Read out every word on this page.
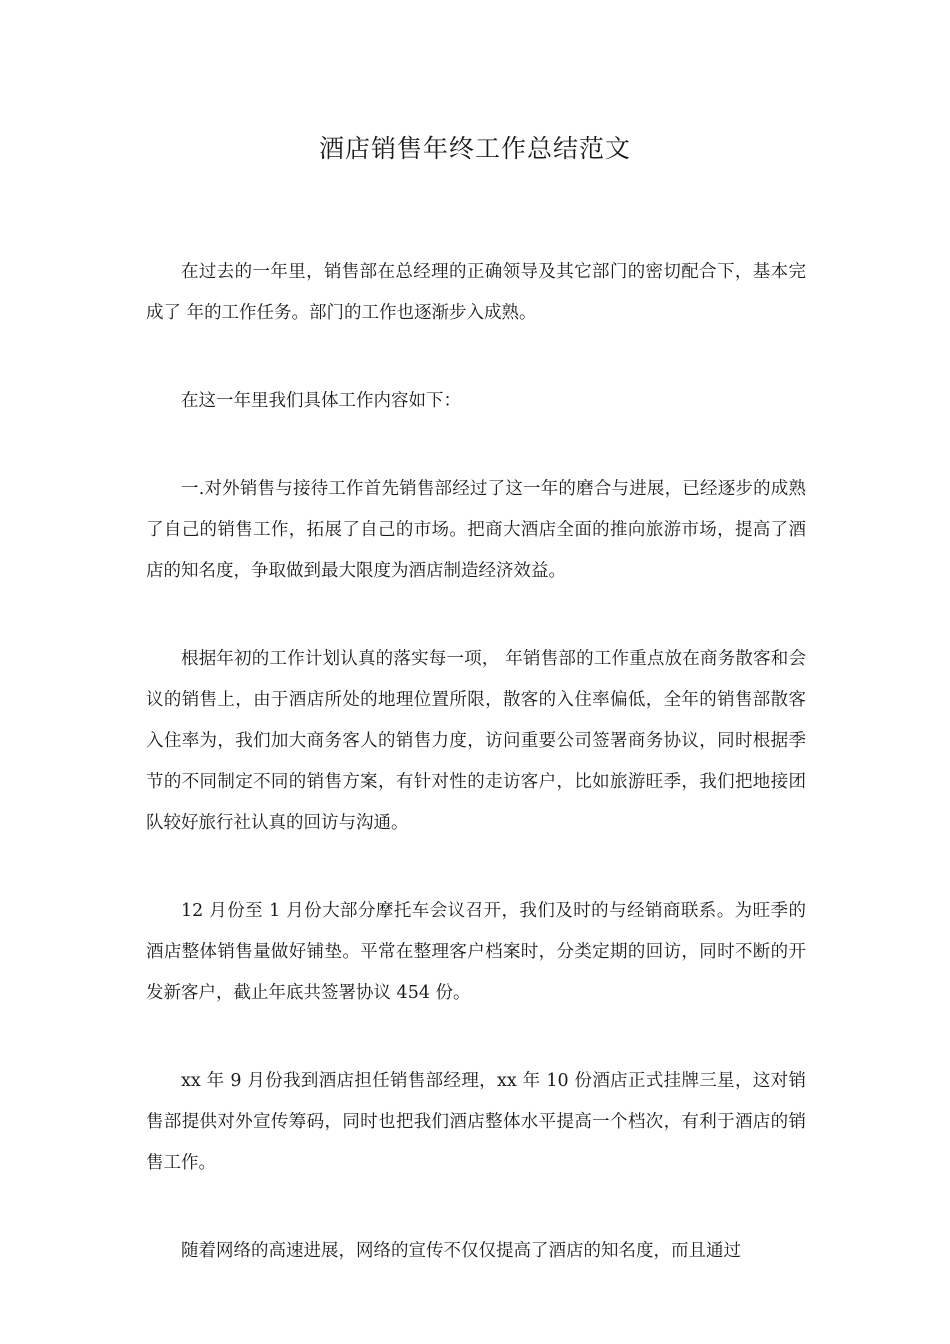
酒店销售年终工作总结范文

在过去的一年里，销售部在总经理的正确领导及其它部门的密切配合下，基本完成了 年的工作任务。部门的工作也逐渐步入成熟。

在这一年里我们具体工作内容如下：

一.对外销售与接待工作首先销售部经过了这一年的磨合与进展，已经逐步的成熟了自己的销售工作，拓展了自己的市场。把商大酒店全面的推向旅游市场，提高了酒店的知名度，争取做到最大限度为酒店制造经济效益。

根据年初的工作计划认真的落实每一项， 年销售部的工作重点放在商务散客和会议的销售上，由于酒店所处的地理位置所限，散客的入住率偏低，全年的销售部散客入住率为，我们加大商务客人的销售力度，访问重要公司签署商务协议，同时根据季节的不同制定不同的销售方案，有针对性的走访客户，比如旅游旺季，我们把地接团队较好旅行社认真的回访与沟通。

12 月份至 1 月份大部分摩托车会议召开，我们及时的与经销商联系。为旺季的酒店整体销售量做好铺垫。平常在整理客户档案时，分类定期的回访，同时不断的开发新客户，截止年底共签署协议 454 份。

xx 年 9 月份我到酒店担任销售部经理，xx 年 10 份酒店正式挂牌三星，这对销售部提供对外宣传筹码，同时也把我们酒店整体水平提高一个档次，有利于酒店的销售工作。

随着网络的高速进展，网络的宣传不仅仅提高了酒店的知名度，而且通过
